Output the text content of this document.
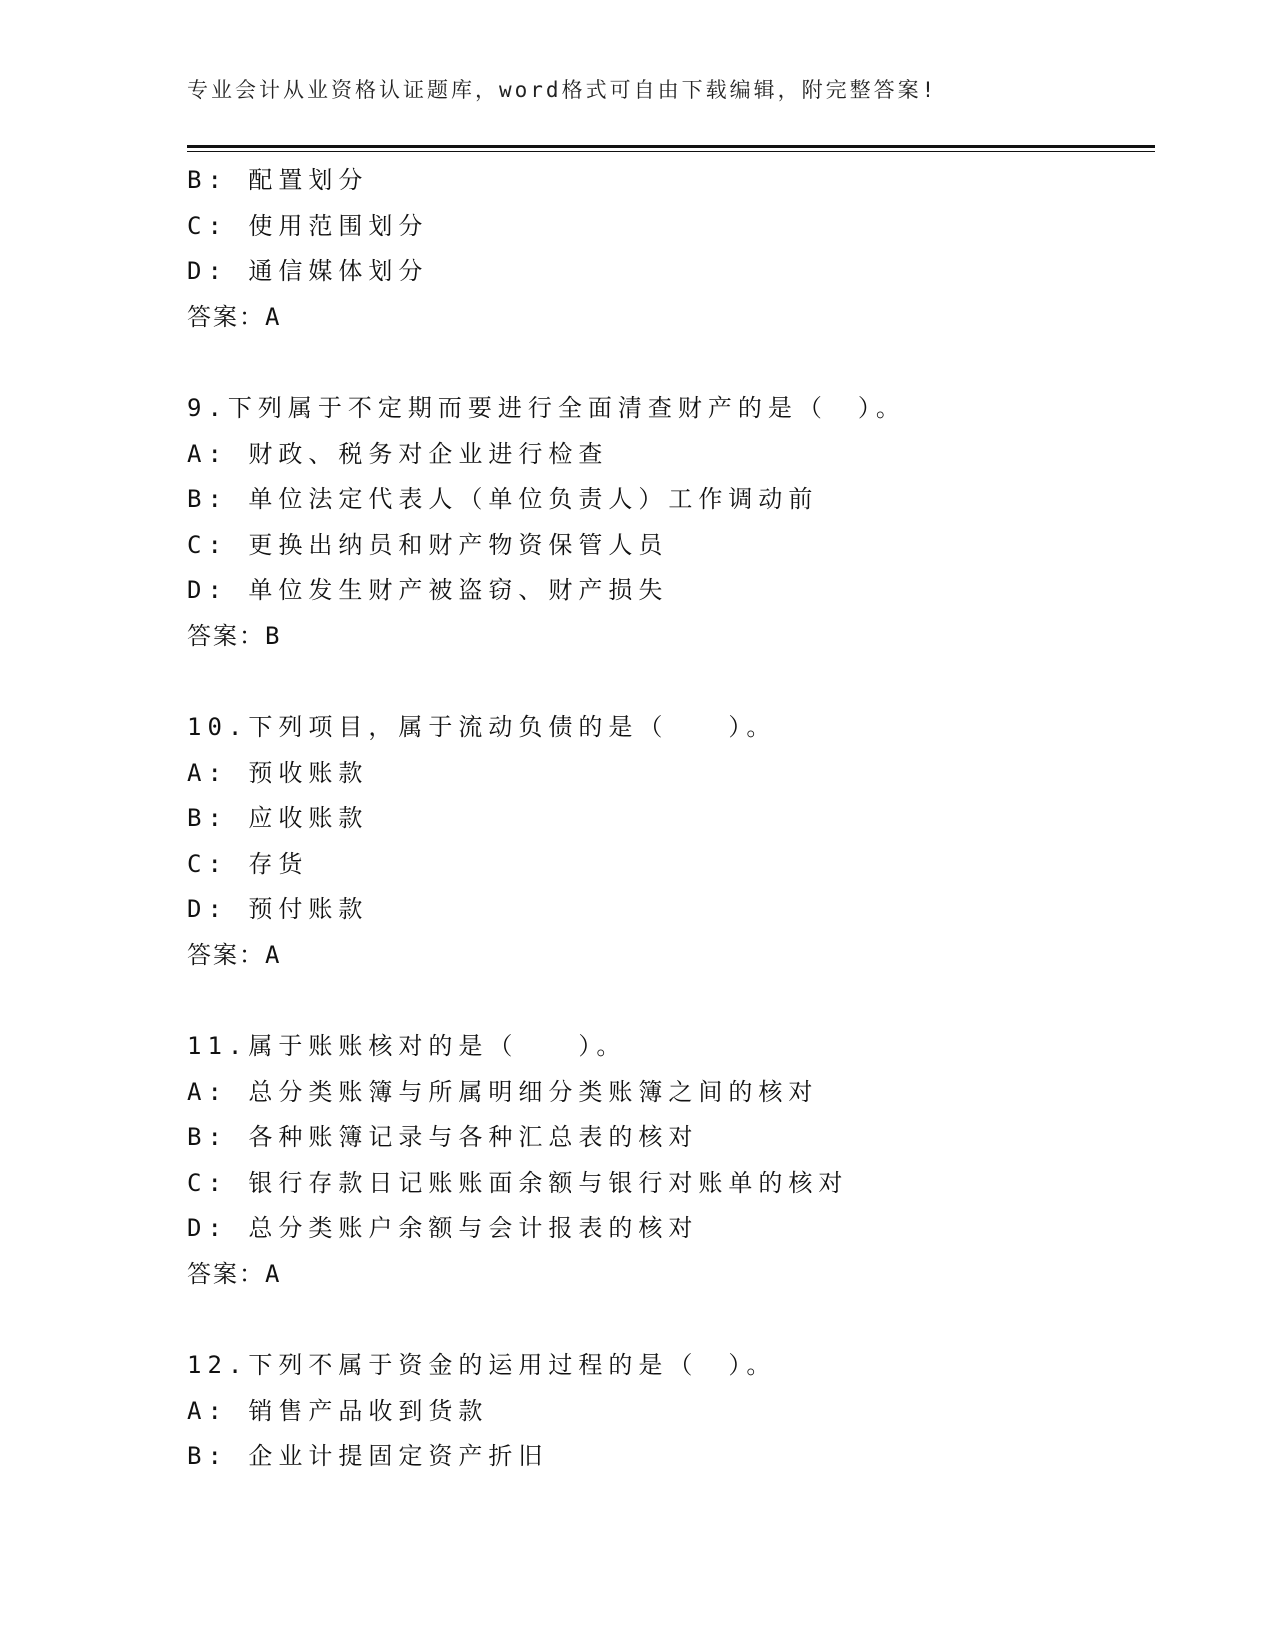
专业会计从业资格认证题库，word格式可自由下载编辑，附完整答案!
B: 配置划分
C: 使用范围划分
D: 通信媒体划分
答案：A
9.下列属于不定期而要进行全面清查财产的是（　）。
A: 财政、税务对企业进行检查
B: 单位法定代表人（单位负责人）工作调动前
C: 更换出纳员和财产物资保管人员
D: 单位发生财产被盗窃、财产损失
答案：B
10.下列项目，属于流动负债的是（　　）。
A: 预收账款
B: 应收账款
C: 存货
D: 预付账款
答案：A
11.属于账账核对的是（　　）。
A: 总分类账簿与所属明细分类账簿之间的核对
B: 各种账簿记录与各种汇总表的核对
C: 银行存款日记账账面余额与银行对账单的核对
D: 总分类账户余额与会计报表的核对
答案：A
12.下列不属于资金的运用过程的是（　）。
A: 销售产品收到货款
B: 企业计提固定资产折旧
